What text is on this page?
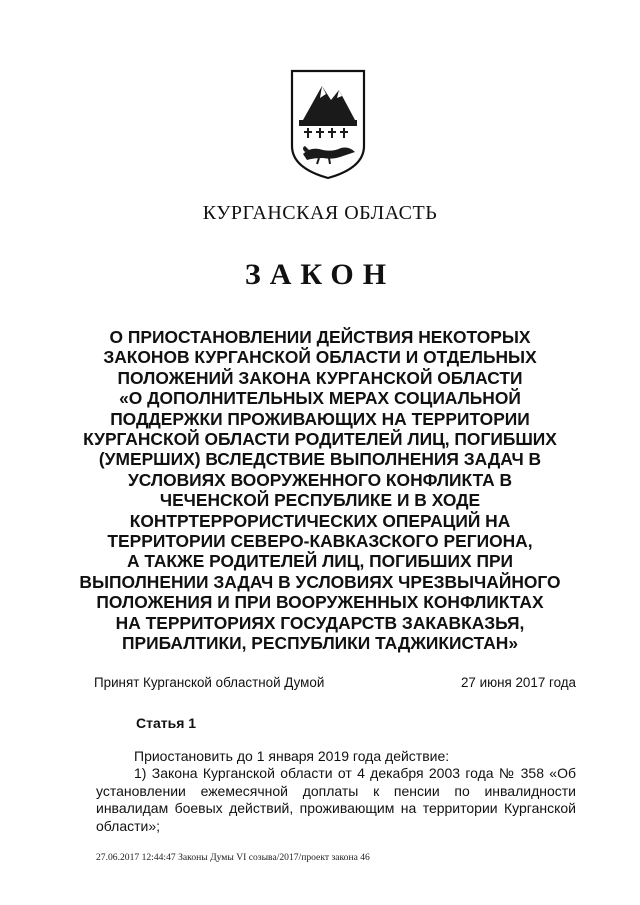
КУРГАНСКАЯ ОБЛАСТЬ
ЗАКОН
О ПРИОСТАНОВЛЕНИИ ДЕЙСТВИЯ НЕКОТОРЫХ
ЗАКОНОВ КУРГАНСКОЙ ОБЛАСТИ И ОТДЕЛЬНЫХ
ПОЛОЖЕНИЙ ЗАКОНА КУРГАНСКОЙ ОБЛАСТИ
«О ДОПОЛНИТЕЛЬНЫХ МЕРАХ СОЦИАЛЬНОЙ
ПОДДЕРЖКИ ПРОЖИВАЮЩИХ НА ТЕРРИТОРИИ
КУРГАНСКОЙ ОБЛАСТИ РОДИТЕЛЕЙ ЛИЦ, ПОГИБШИХ
(УМЕРШИХ) ВСЛЕДСТВИЕ ВЫПОЛНЕНИЯ ЗАДАЧ В
УСЛОВИЯХ ВООРУЖЕННОГО КОНФЛИКТА В
ЧЕЧЕНСКОЙ РЕСПУБЛИКЕ И В ХОДЕ
КОНТРТЕРРОРИСТИЧЕСКИХ ОПЕРАЦИЙ НА
ТЕРРИТОРИИ СЕВЕРО-КАВКАЗСКОГО РЕГИОНА,
А ТАКЖЕ РОДИТЕЛЕЙ ЛИЦ, ПОГИБШИХ ПРИ
ВЫПОЛНЕНИИ ЗАДАЧ В УСЛОВИЯХ ЧРЕЗВЫЧАЙНОГО
ПОЛОЖЕНИЯ И ПРИ ВООРУЖЕННЫХ КОНФЛИКТАХ
НА ТЕРРИТОРИЯХ ГОСУДАРСТВ ЗАКАВКАЗЬЯ,
ПРИБАЛТИКИ, РЕСПУБЛИКИ ТАДЖИКИСТАН»
Принят Курганской областной Думой	27 июня 2017 года
Статья 1

Приостановить до 1 января 2019 года действие:

1) Закона Курганской области от 4 декабря 2003 года № 358 «Об установлении ежемесячной доплаты к пенсии по инвалидности инвалидам боевых действий, проживающим на территории Курганской области»;

27.06.2017 12:44:47 Законы Думы VI созыва/2017/проект закона 46
